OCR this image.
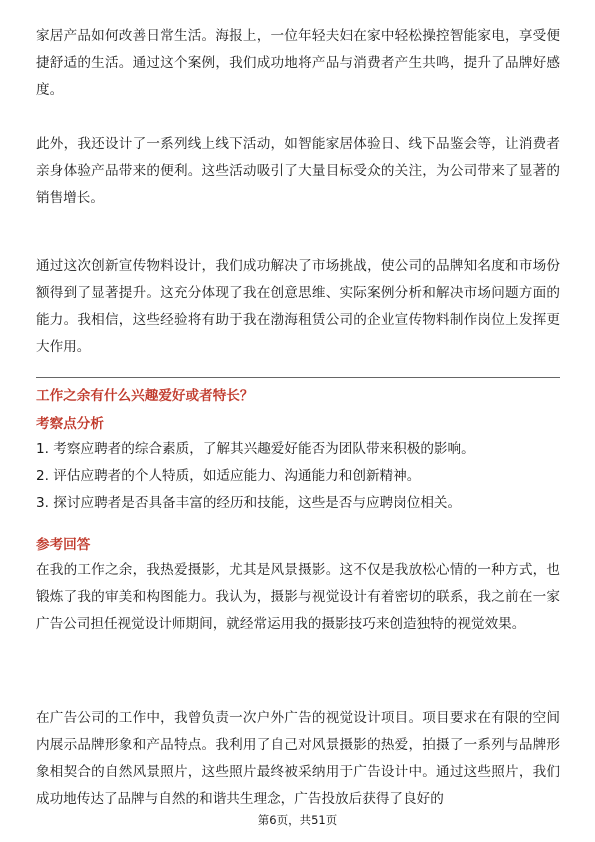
家居产品如何改善日常生活。海报上，一位年轻夫妇在家中轻松操控智能家电，享受便捷舒适的生活。通过这个案例，我们成功地将产品与消费者产生共鸣，提升了品牌好感度。

此外，我还设计了一系列线上线下活动，如智能家居体验日、线下品鉴会等，让消费者亲身体验产品带来的便利。这些活动吸引了大量目标受众的关注，为公司带来了显著的销售增长。

通过这次创新宣传物料设计，我们成功解决了市场挑战，使公司的品牌知名度和市场份额得到了显著提升。这充分体现了我在创意思维、实际案例分析和解决市场问题方面的能力。我相信，这些经验将有助于我在渤海租赁公司的企业宣传物料制作岗位上发挥更大作用。

工作之余有什么兴趣爱好或者特长？

考察点分析

1. 考察应聘者的综合素质，了解其兴趣爱好能否为团队带来积极的影响。

2. 评估应聘者的个人特质，如适应能力、沟通能力和创新精神。

3. 探讨应聘者是否具备丰富的经历和技能，这些是否与应聘岗位相关。

参考回答

在我的工作之余，我热爱摄影，尤其是风景摄影。这不仅是我放松心情的一种方式，也锻炼了我的审美和构图能力。我认为，摄影与视觉设计有着密切的联系，我之前在一家广告公司担任视觉设计师期间，就经常运用我的摄影技巧来创造独特的视觉效果。

在广告公司的工作中，我曾负责一次户外广告的视觉设计项目。项目要求在有限的空间内展示品牌形象和产品特点。我利用了自己对风景摄影的热爱，拍摄了一系列与品牌形象相契合的自然风景照片，这些照片最终被采纳用于广告设计中。通过这些照片，我们成功地传达了品牌与自然的和谐共生理念，广告投放后获得了良好的

第6页，共51页
